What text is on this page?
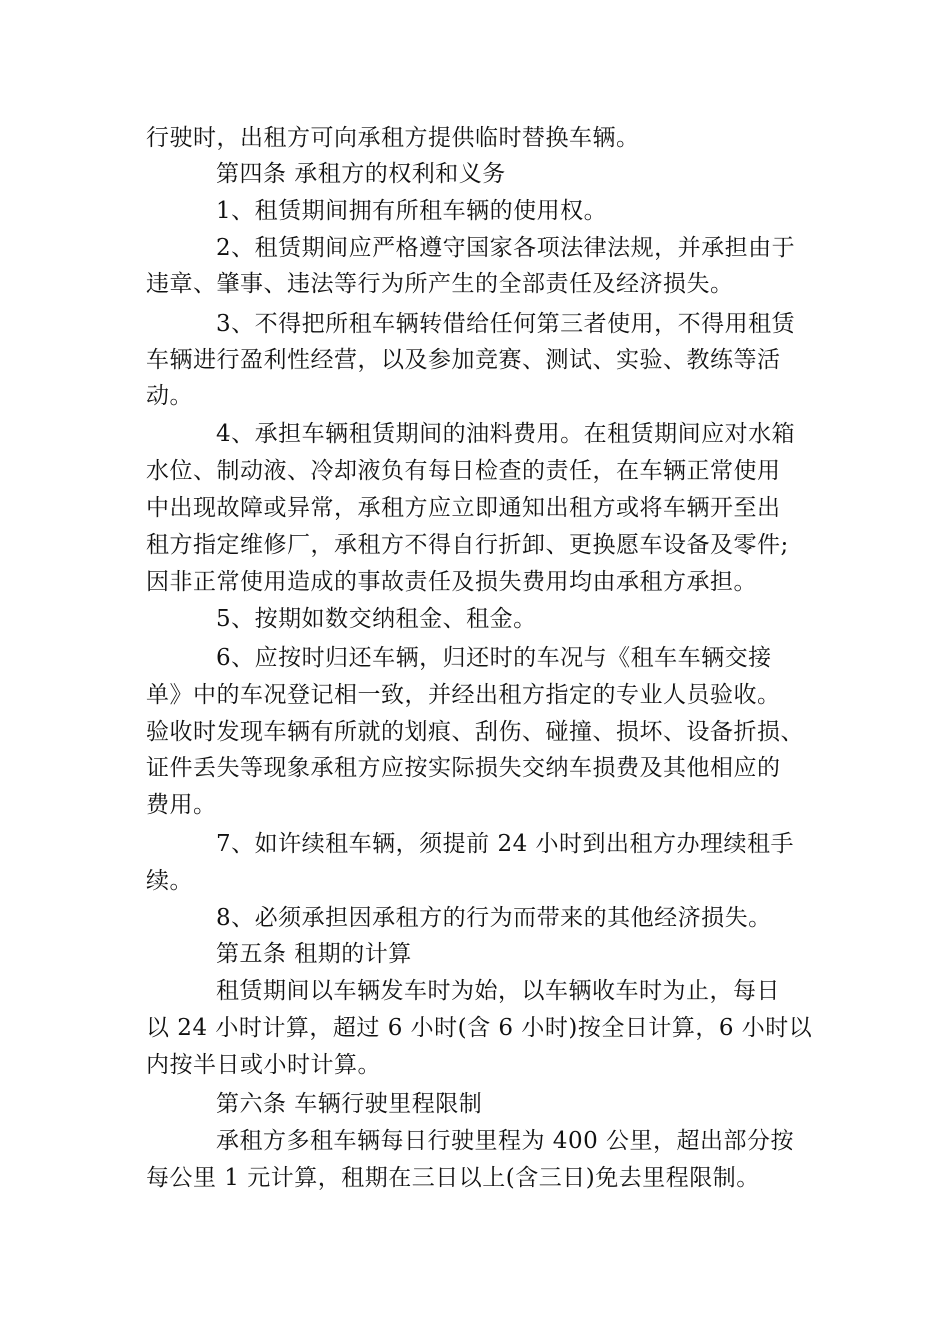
行驶时，出租方可向承租方提供临时替换车辆。
第四条 承租方的权利和义务
1、租赁期间拥有所租车辆的使用权。
2、租赁期间应严格遵守国家各项法律法规，并承担由于
违章、肇事、违法等行为所产生的全部责任及经济损失。
3、不得把所租车辆转借给任何第三者使用，不得用租赁
车辆进行盈利性经营，以及参加竞赛、测试、实验、教练等活
动。
4、承担车辆租赁期间的油料费用。在租赁期间应对水箱
水位、制动液、冷却液负有每日检查的责任，在车辆正常使用
中出现故障或异常，承租方应立即通知出租方或将车辆开至出
租方指定维修厂，承租方不得自行折卸、更换愿车设备及零件;
因非正常使用造成的事故责任及损失费用均由承租方承担。
5、按期如数交纳租金、租金。
6、应按时归还车辆，归还时的车况与《租车车辆交接
单》中的车况登记相一致，并经出租方指定的专业人员验收。
验收时发现车辆有所就的划痕、刮伤、碰撞、损坏、设备折损、
证件丢失等现象承租方应按实际损失交纳车损费及其他相应的
费用。
7、如许续租车辆，须提前 24 小时到出租方办理续租手
续。
8、必须承担因承租方的行为而带来的其他经济损失。
第五条 租期的计算
租赁期间以车辆发车时为始，以车辆收车时为止，每日
以 24 小时计算，超过 6 小时(含 6 小时)按全日计算，6 小时以
内按半日或小时计算。
第六条 车辆行驶里程限制
承租方多租车辆每日行驶里程为 400 公里，超出部分按
每公里 1 元计算，租期在三日以上(含三日)免去里程限制。
